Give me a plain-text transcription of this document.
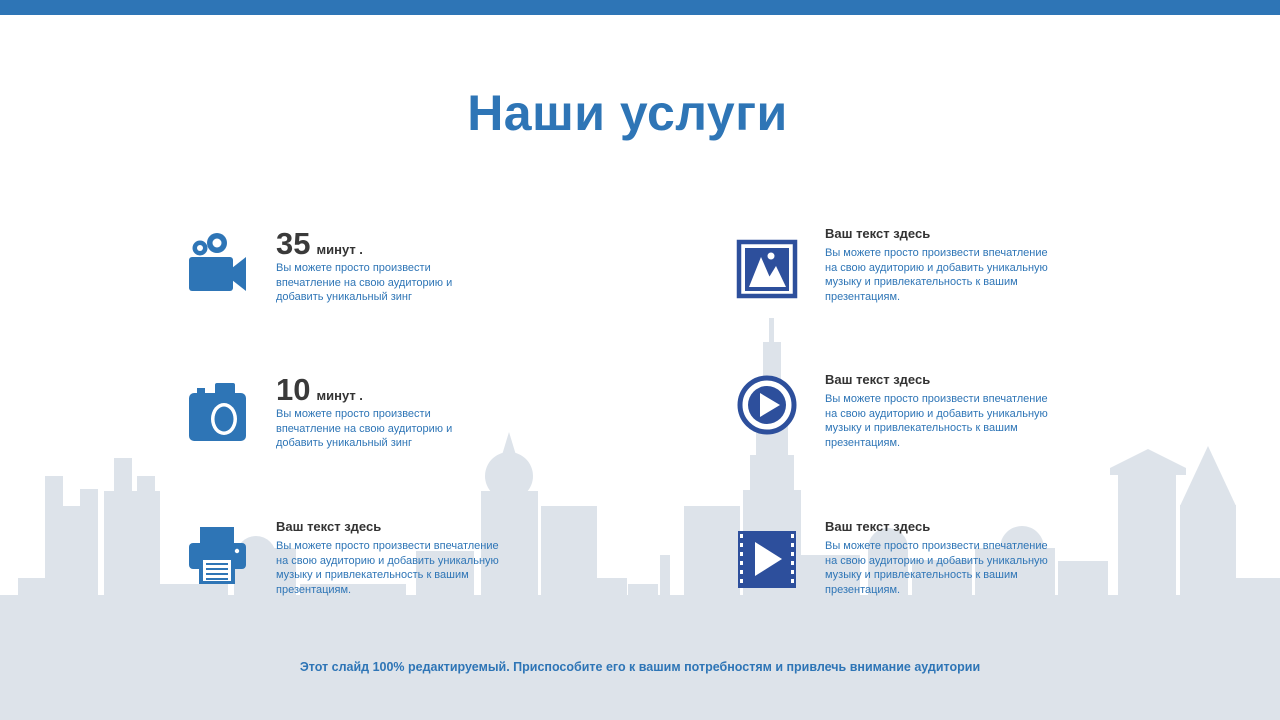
Наши услуги
35 минут .
Вы можете просто произвести
впечатление на свою аудиторию и
добавить уникальный зинг
10 минут .
Вы можете просто произвести
впечатление на свою аудиторию и
добавить уникальный зинг
Ваш текст здесь
Вы можете просто произвести впечатление
на свою аудиторию и добавить уникальную
музыку и привлекательность к вашим
презентациям.
Ваш текст здесь
Вы можете просто произвести впечатление
на свою аудиторию и добавить уникальную
музыку и привлекательность к вашим
презентациям.
Ваш текст здесь
Вы можете просто произвести впечатление
на свою аудиторию и добавить уникальную
музыку и привлекательность к вашим
презентациям.
Ваш текст здесь
Вы можете просто произвести впечатление
на свою аудиторию и добавить уникальную
музыку и привлекательность к вашим
презентациям.
Этот слайд 100% редактируемый. Приспособите его к вашим потребностям и привлечь внимание аудитории
